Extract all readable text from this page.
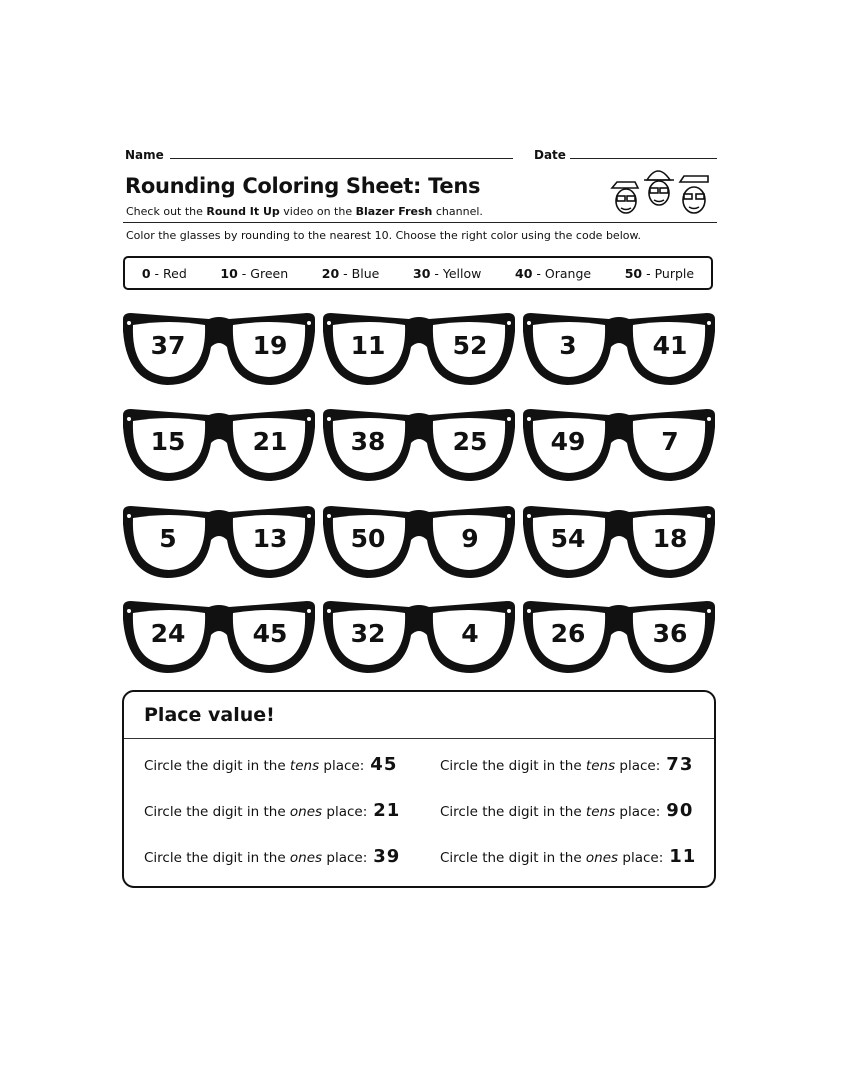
Name	Date
Rounding Coloring Sheet: Tens
Check out the Round It Up video on the Blazer Fresh channel.
Color the glasses by rounding to the nearest 10. Choose the right color using the code below.
0 - Red	10 - Green	20 - Blue	30 - Yellow	40 - Orange	50 - Purple
37	19	11	52	3	41
15	21	38	25	49	7
5	13	50	9	54	18
24	45	32	4	26	36
Place value!
Circle the digit in the tens place: 45	Circle the digit in the tens place: 73
Circle the digit in the ones place: 21	Circle the digit in the tens place: 90
Circle the digit in the ones place: 39	Circle the digit in the ones place: 11
